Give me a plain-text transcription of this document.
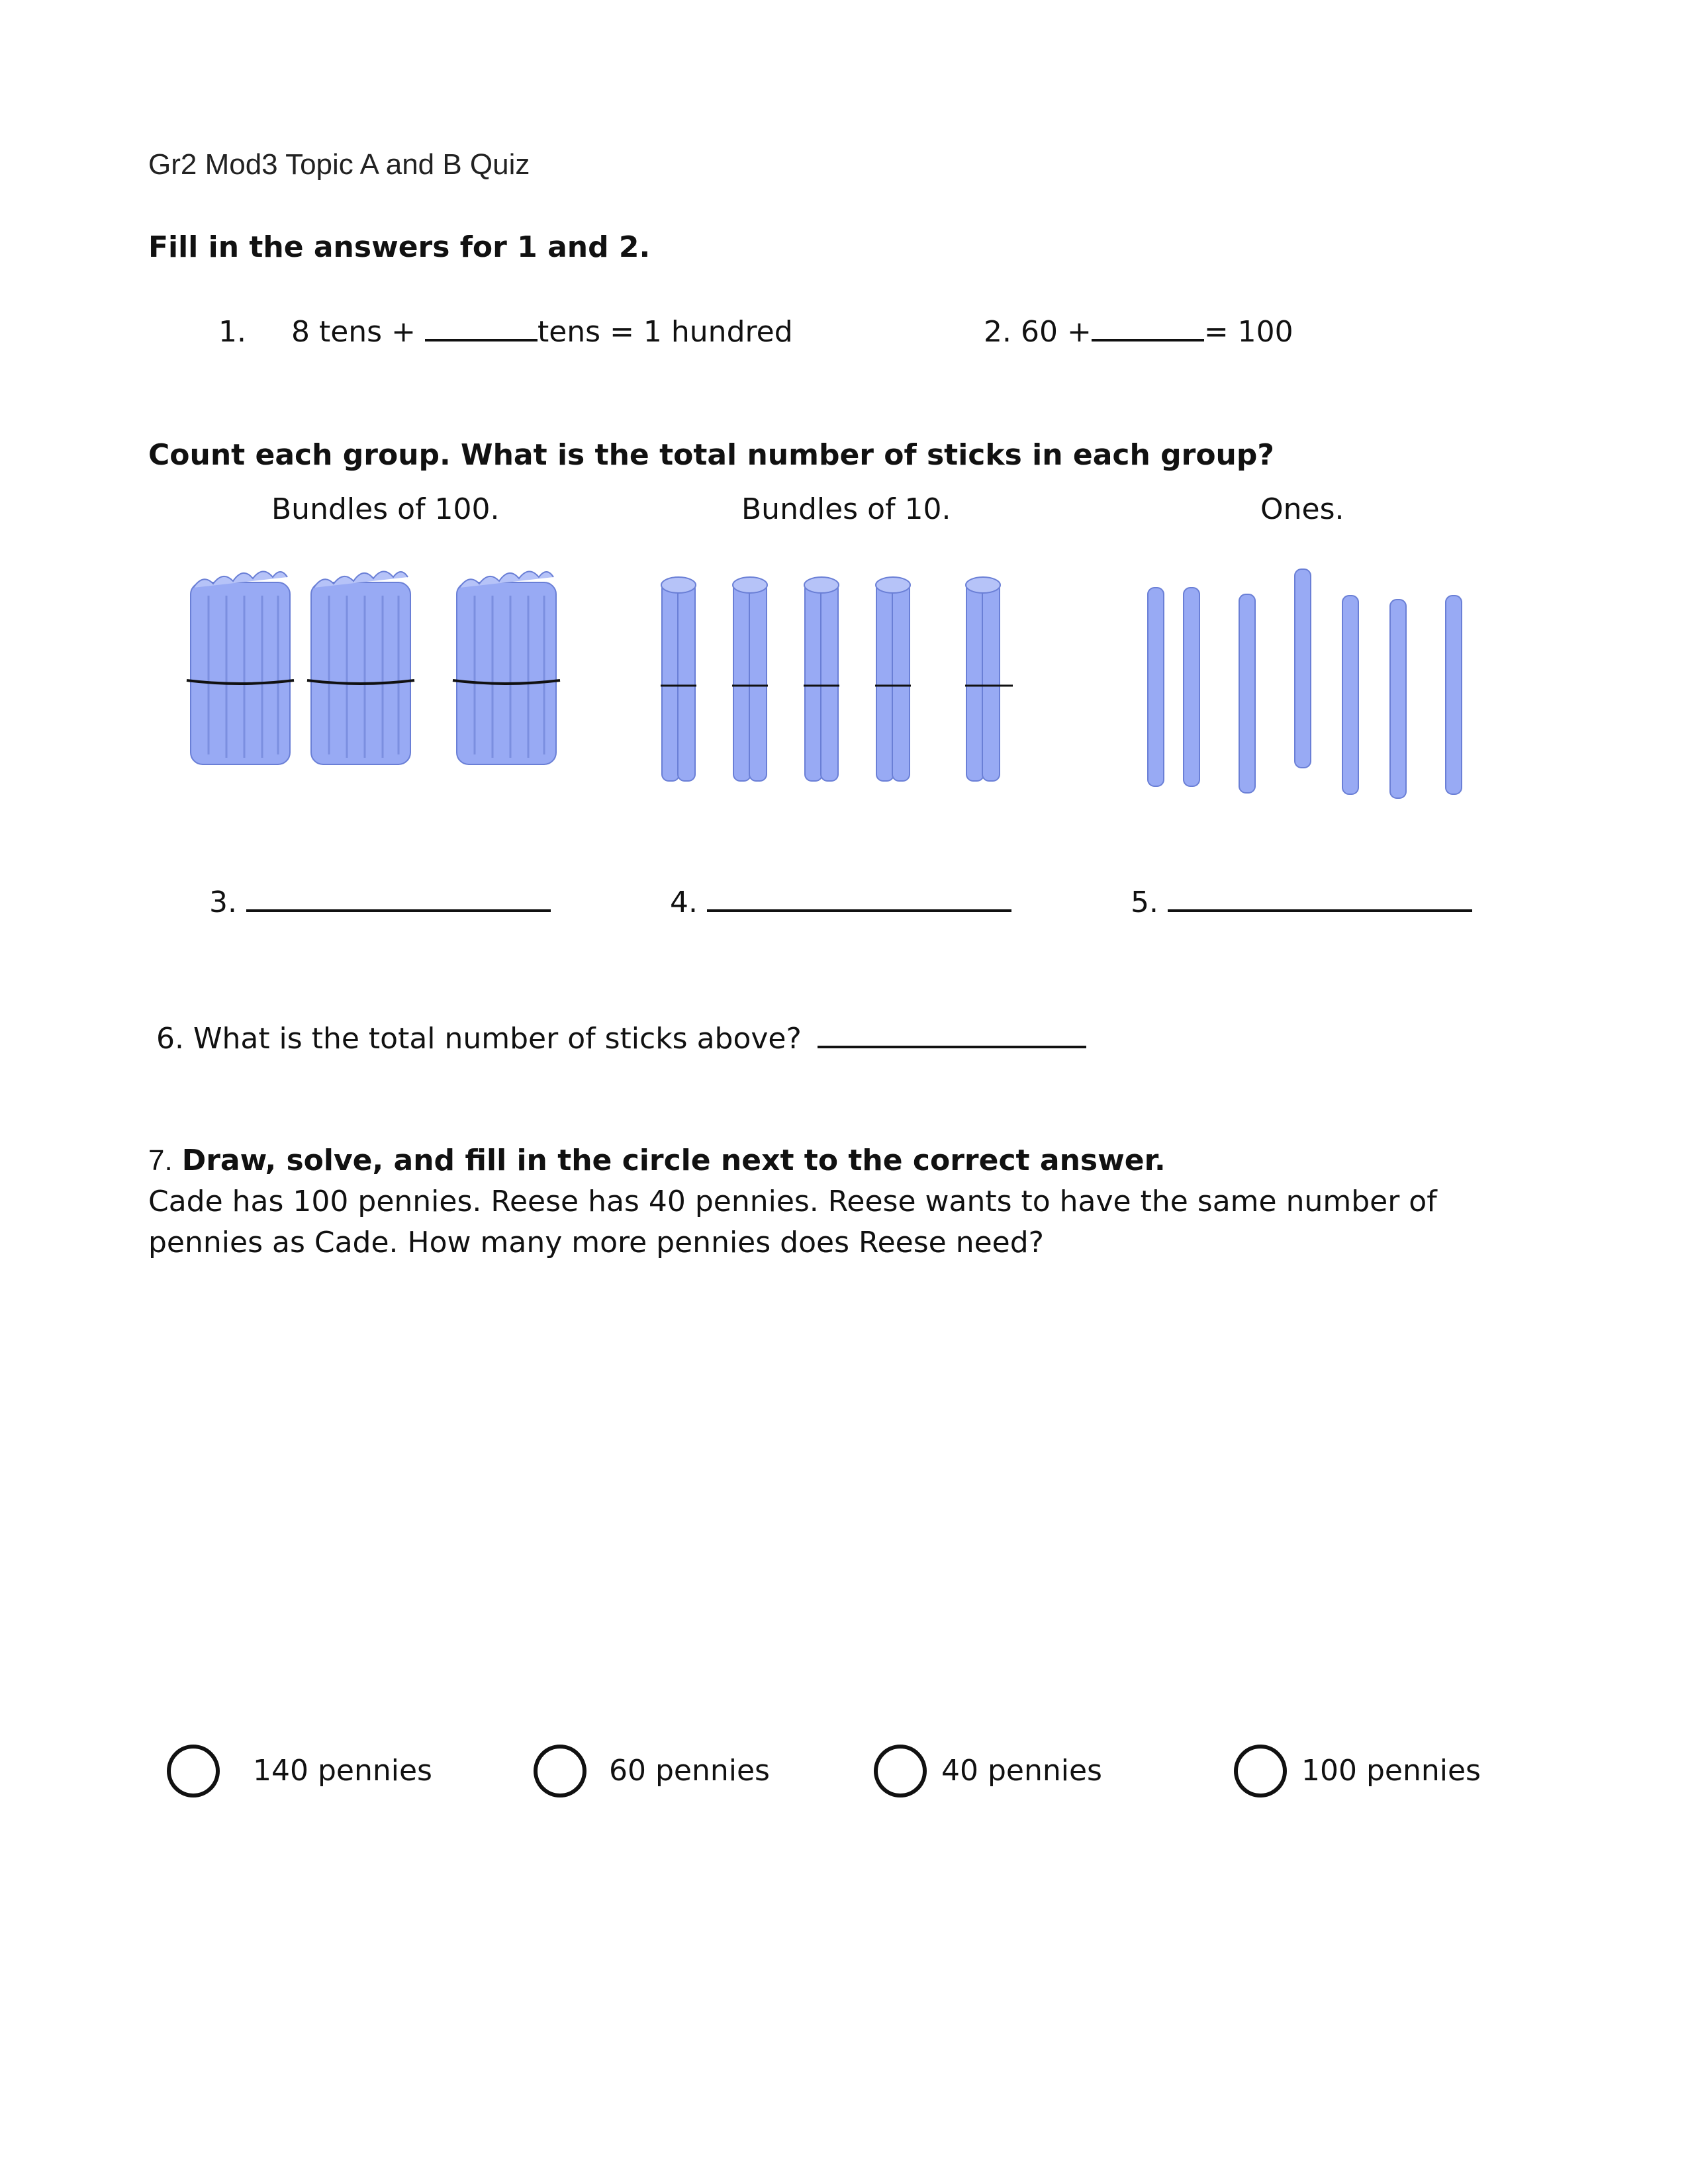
Gr2 Mod3 Topic A and B Quiz
Fill in the answers for 1 and 2.
1. 8 tens +	tens = 1 hundred	2. 60 +	= 100
Count each group. What is the total number of sticks in each group?
Bundles of 100.	Bundles of 10.	Ones.
3.	4.	5.
6. What is the total number of sticks above?
7. Draw, solve, and fill in the circle next to the correct answer.
Cade has 100 pennies. Reese has 40 pennies. Reese wants to have the same number of
pennies as Cade. How many more pennies does Reese need?
140 pennies	60 pennies	40 pennies	100 pennies
